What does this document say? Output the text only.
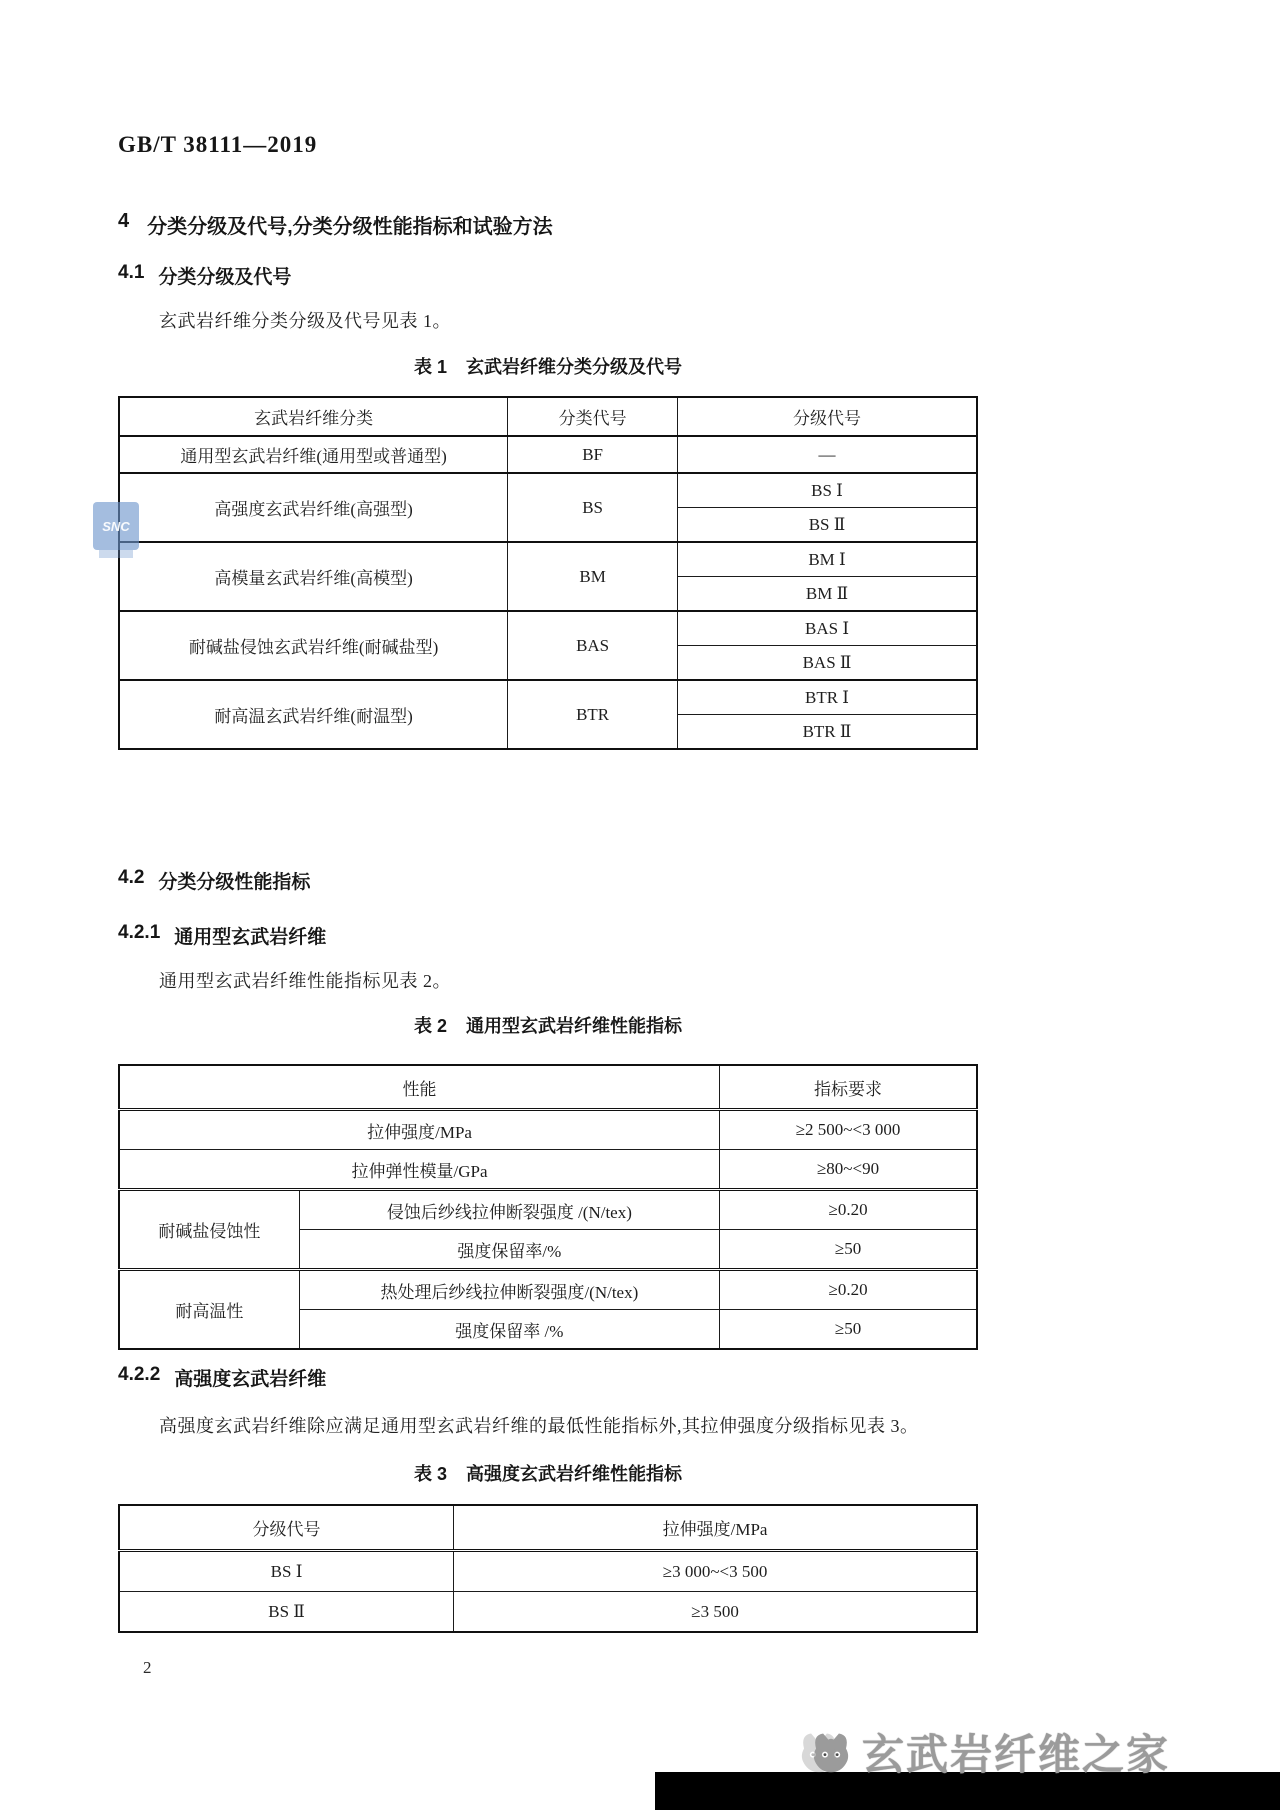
GB/T 38111—2019
4 分类分级及代号,分类分级性能指标和试验方法
4.1 分类分级及代号
玄武岩纤维分类分级及代号见表 1。
表 1 玄武岩纤维分类分级及代号
玄武岩纤维分类	分类代号	分级代号
通用型玄武岩纤维(通用型或普通型)	BF	—
高强度玄武岩纤维(高强型)	BS	BS Ⅰ
		BS Ⅱ
高模量玄武岩纤维(高模型)	BM	BM Ⅰ
		BM Ⅱ
耐碱盐侵蚀玄武岩纤维(耐碱盐型)	BAS	BAS Ⅰ
		BAS Ⅱ
耐高温玄武岩纤维(耐温型)	BTR	BTR Ⅰ
		BTR Ⅱ
4.2 分类分级性能指标
4.2.1 通用型玄武岩纤维
通用型玄武岩纤维性能指标见表 2。
表 2 通用型玄武岩纤维性能指标
性能		指标要求
拉伸强度/MPa		≥2 500~<3 000
拉伸弹性模量/GPa		≥80~<90
耐碱盐侵蚀性	侵蚀后纱线拉伸断裂强度 /(N/tex)	≥0.20
	强度保留率/%	≥50
耐高温性	热处理后纱线拉伸断裂强度/(N/tex)	≥0.20
	强度保留率 /%	≥50
4.2.2 高强度玄武岩纤维
高强度玄武岩纤维除应满足通用型玄武岩纤维的最低性能指标外,其拉伸强度分级指标见表 3。
表 3 高强度玄武岩纤维性能指标
分级代号	拉伸强度/MPa
BS Ⅰ	≥3 000~<3 500
BS Ⅱ	≥3 500
2
SNC
玄武岩纤维之家
